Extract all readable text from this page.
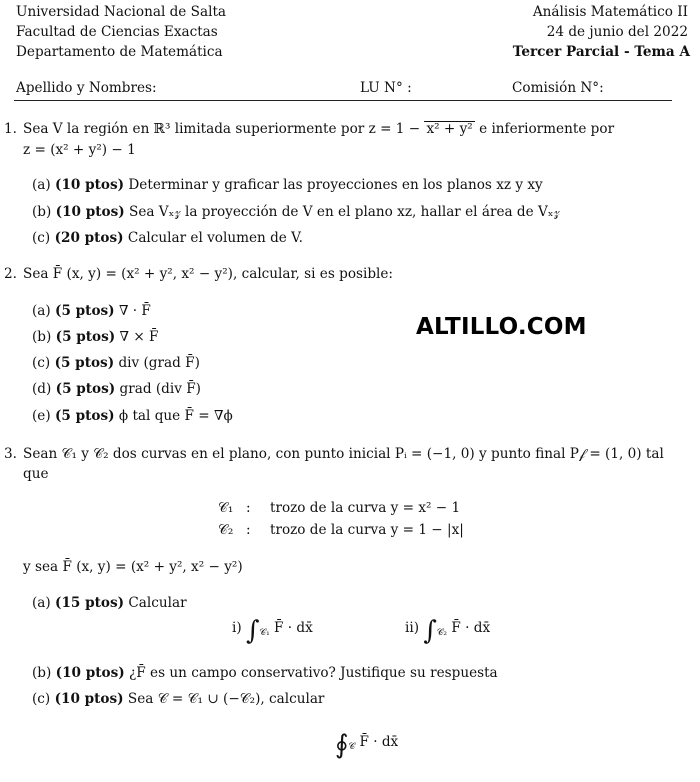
Universidad Nacional de Salta
Facultad de Ciencias Exactas
Departamento de Matemática
Análisis Matemático II
24 de junio del 2022
Tercer Parcial - Tema A
Apellido y Nombres:	LU N° :	Comisión N°:
ALTILLO.COM
1. Sea V la región en ℝ³ limitada superiormente por z = 1 − x² + y² e inferiormente por
z = (x² + y²) − 1
(a) (10 ptos) Determinar y graficar las proyecciones en los planos xz y xy
(b) (10 ptos) Sea Vₓ𝓏 la proyección de V en el plano xz, hallar el área de Vₓ𝓏
(c) (20 ptos) Calcular el volumen de V.
2. Sea F̄ (x, y) = (x² + y², x² − y²), calcular, si es posible:
(a) (5 ptos) ∇ · F̄
(b) (5 ptos) ∇ × F̄
(c) (5 ptos) div (grad F̄)
(d) (5 ptos) grad (div F̄)
(e) (5 ptos) ϕ tal que F̄ = ∇ϕ
3. Sean 𝒞₁ y 𝒞₂ dos curvas en el plano, con punto inicial Pᵢ = (−1, 0) y punto final P𝒻 = (1, 0) tal
que
𝒞₁ : trozo de la curva y = x² − 1
𝒞₂ : trozo de la curva y = 1 − |x|
y sea F̄ (x, y) = (x² + y², x² − y²)
(a) (15 ptos) Calcular
i) $\int_{𝒞_1}$ F̄ · dx̄	ii) $\int_{𝒞_2}$ F̄ · dx̄
(b) (10 ptos) ¿F̄ es un campo conservativo? Justifique su respuesta
(c) (10 ptos) Sea 𝒞 = 𝒞₁ ∪ (−𝒞₂), calcular
$∮_𝒞$ F̄ · dx̄
